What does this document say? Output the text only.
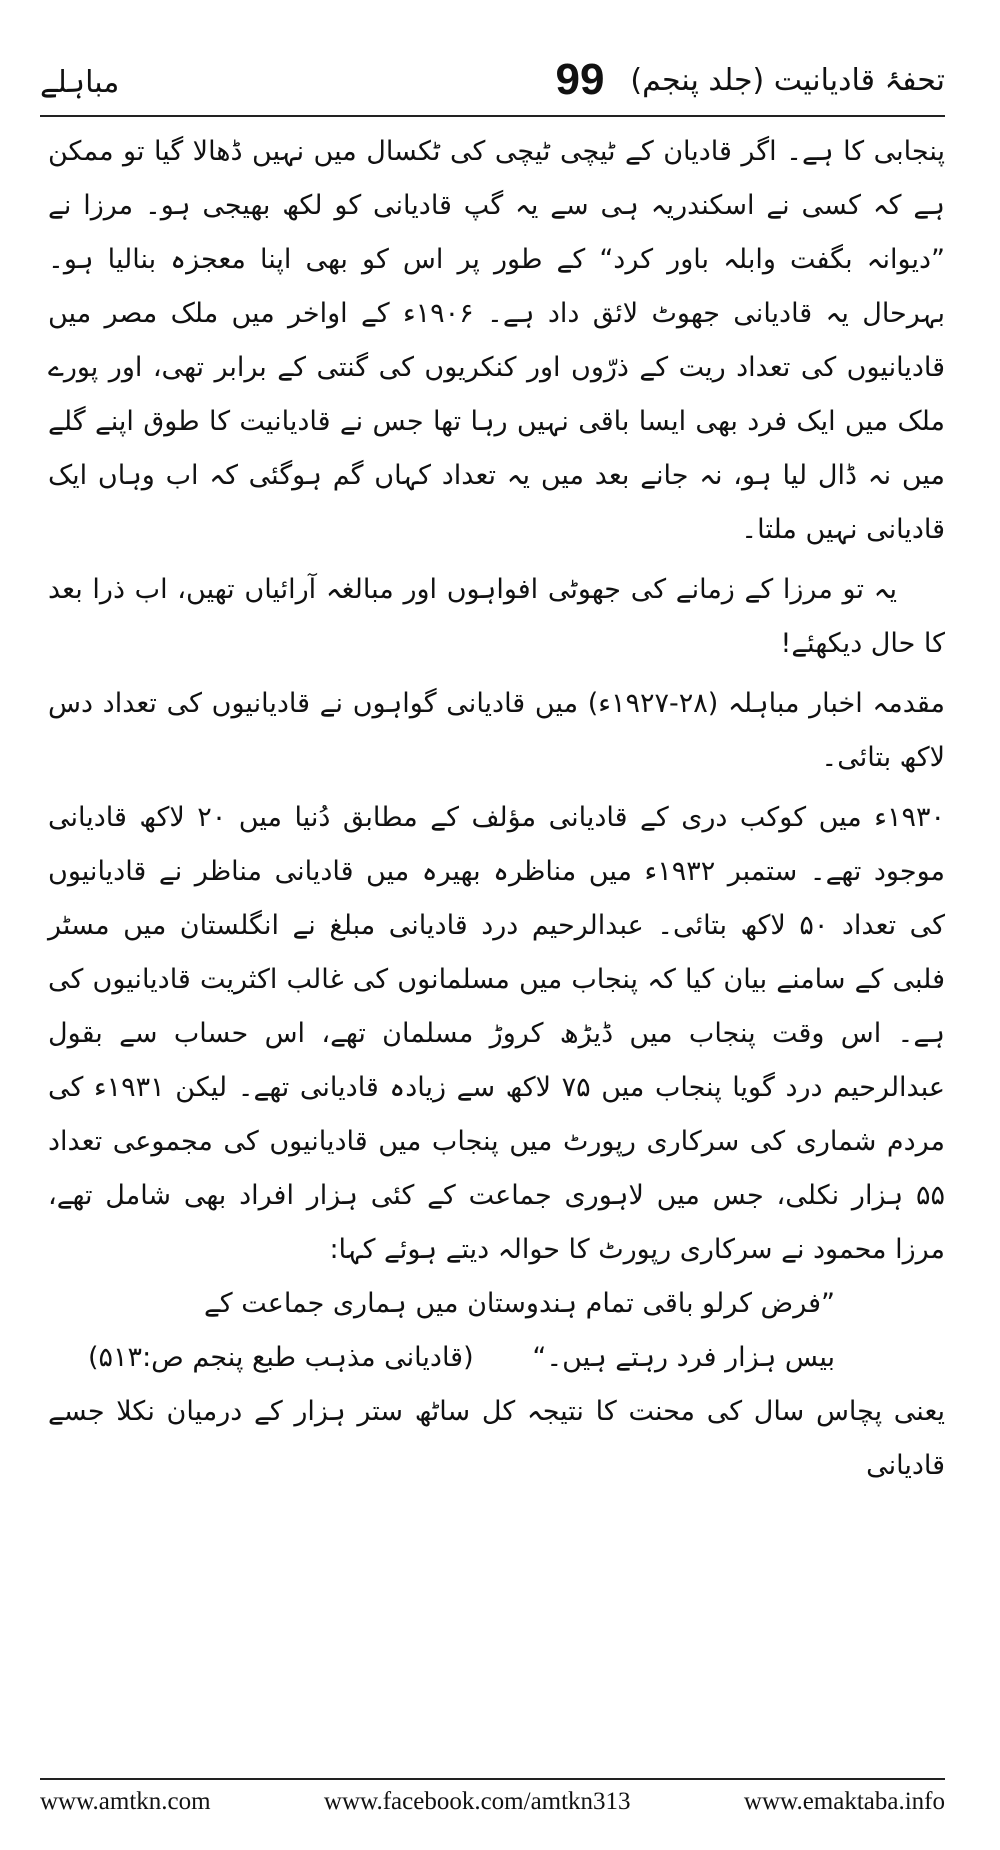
تحفۂ قادیانیت (جلد پنجم)
99
مباہلے

پنجابی کا ہے۔ اگر قادیان کے ٹیچی ٹیچی کی ٹکسال میں نہیں ڈھالا گیا تو ممکن ہے کہ کسی نے اسکندریہ ہی سے یہ گپ قادیانی کو لکھ بھیجی ہو۔ مرزا نے ”دیوانہ بگفت وابلہ باور کرد“ کے طور پر اس کو بھی اپنا معجزہ بنالیا ہو۔ بہرحال یہ قادیانی جھوٹ لائق داد ہے۔ ۱۹۰۶ء کے اواخر میں ملک مصر میں قادیانیوں کی تعداد ریت کے ذرّوں اور کنکریوں کی گنتی کے برابر تھی، اور پورے ملک میں ایک فرد بھی ایسا باقی نہیں رہا تھا جس نے قادیانیت کا طوق اپنے گلے میں نہ ڈال لیا ہو، نہ جانے بعد میں یہ تعداد کہاں گم ہوگئی کہ اب وہاں ایک قادیانی نہیں ملتا۔

یہ تو مرزا کے زمانے کی جھوٹی افواہوں اور مبالغہ آرائیاں تھیں، اب ذرا بعد کا حال دیکھئے!

مقدمہ اخبار مباہلہ (۲۸-۱۹۲۷ء) میں قادیانی گواہوں نے قادیانیوں کی تعداد دس لاکھ بتائی۔

۱۹۳۰ء میں کوکب دری کے قادیانی مؤلف کے مطابق دُنیا میں ۲۰ لاکھ قادیانی موجود تھے۔ ستمبر ۱۹۳۲ء میں مناظرہ بھیرہ میں قادیانی مناظر نے قادیانیوں کی تعداد ۵۰ لاکھ بتائی۔ عبدالرحیم درد قادیانی مبلغ نے انگلستان میں مسٹر فلبی کے سامنے بیان کیا کہ پنجاب میں مسلمانوں کی غالب اکثریت قادیانیوں کی ہے۔ اس وقت پنجاب میں ڈیڑھ کروڑ مسلمان تھے، اس حساب سے بقول عبدالرحیم درد گویا پنجاب میں ۷۵ لاکھ سے زیادہ قادیانی تھے۔ لیکن ۱۹۳۱ء کی مردم شماری کی سرکاری رپورٹ میں پنجاب میں قادیانیوں کی مجموعی تعداد ۵۵ ہزار نکلی، جس میں لاہوری جماعت کے کئی ہزار افراد بھی شامل تھے، مرزا محمود نے سرکاری رپورٹ کا حوالہ دیتے ہوئے کہا:

”فرض کرلو باقی تمام ہندوستان میں ہماری جماعت کے

بیس ہزار فرد رہتے ہیں۔“
(قادیانی مذہب طبع پنجم ص:۵۱۳)

یعنی پچاس سال کی محنت کا نتیجہ کل ساٹھ ستر ہزار کے درمیان نکلا جسے قادیانی

www.amtkn.com	www.facebook.com/amtkn313	www.emaktaba.info
